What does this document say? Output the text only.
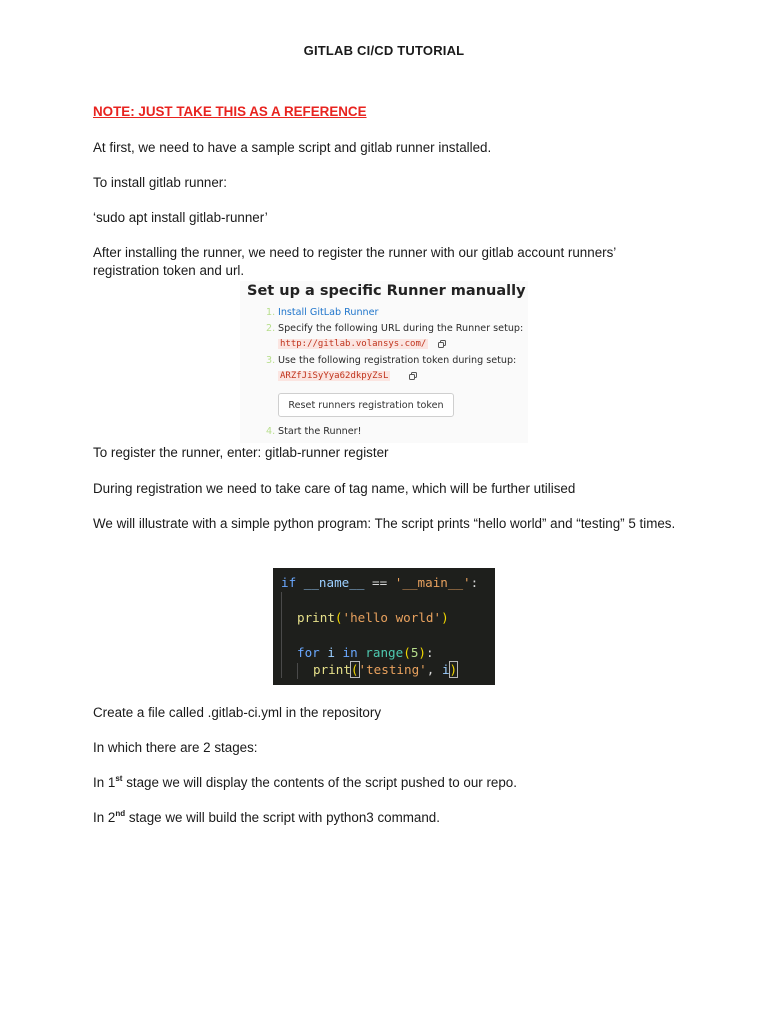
GITLAB CI/CD TUTORIAL

NOTE: JUST TAKE THIS AS A REFERENCE

At first, we need to have a sample script and gitlab runner installed.

To install gitlab runner:

‘sudo apt install gitlab-runner’

After installing the runner, we need to register the runner with our gitlab account runners’ registration token and url.

Set up a specific Runner manually
1. Install GitLab Runner
2. Specify the following URL during the Runner setup:
http://gitlab.volansys.com/
3. Use the following registration token during setup:
ARZfJiSyYya62dkpyZsL
Reset runners registration token
4. Start the Runner!

To register the runner, enter: gitlab-runner register

During registration we need to take care of tag name, which will be further utilised

We will illustrate with a simple python program: The script prints “hello world” and “testing” 5 times.

if __name__ == '__main__':
print('hello world')
for i in range(5):
print('testing', i)

Create a file called .gitlab-ci.yml in the repository

In which there are 2 stages:

In 1st stage we will display the contents of the script pushed to our repo.

In 2nd stage we will build the script with python3 command.
